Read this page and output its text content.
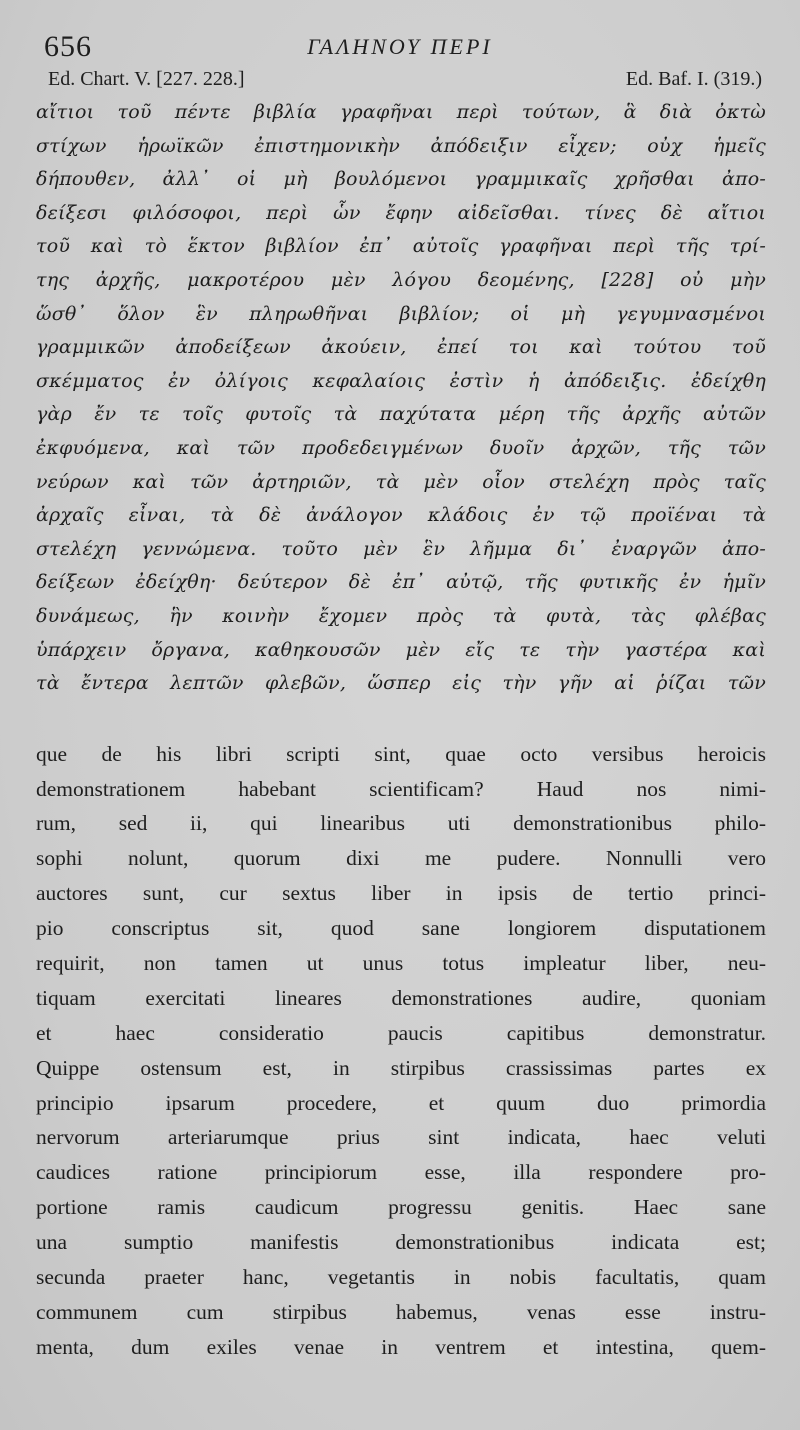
656	ΓΑΛΗΝΟΥ ΠΕΡΙ
Ed. Chart. V. [227. 228.]	Ed. Baf. I. (319.)
αἴτιοι τοῦ πέντε βιβλία γραφῆναι περὶ τούτων, ἃ διὰ ὀκτὼ
στίχων ἡρωϊκῶν ἐπιστημονικὴν ἀπόδειξιν εἶχεν; οὐχ ἡμεῖς
δήπουθεν, ἀλλ᾽ οἱ μὴ βουλόμενοι γραμμικαῖς χρῆσθαι ἀπο-
δείξεσι φιλόσοφοι, περὶ ὧν ἔφην αἰδεῖσθαι. τίνες δὲ αἴτιοι
τοῦ καὶ τὸ ἕκτον βιβλίον ἐπ᾽ αὐτοῖς γραφῆναι περὶ τῆς τρί-
της ἀρχῆς, μακροτέρου μὲν λόγου δεομένης, [228] οὐ μὴν
ὥσθ᾽ ὅλον ἓν πληρωθῆναι βιβλίον; οἱ μὴ γεγυμνασμένοι
γραμμικῶν ἀποδείξεων ἀκούειν, ἐπεί τοι καὶ τούτου τοῦ
σκέμματος ἐν ὀλίγοις κεφαλαίοις ἐστὶν ἡ ἀπόδειξις. ἐδείχθη
γὰρ ἔν τε τοῖς φυτοῖς τὰ παχύτατα μέρη τῆς ἀρχῆς αὐτῶν
ἐκφυόμενα, καὶ τῶν προδεδειγμένων δυοῖν ἀρχῶν, τῆς τῶν
νεύρων καὶ τῶν ἀρτηριῶν, τὰ μὲν οἷον στελέχη πρὸς ταῖς
ἀρχαῖς εἶναι, τὰ δὲ ἀνάλογον κλάδοις ἐν τῷ προϊέναι τὰ
στελέχη γεννώμενα. τοῦτο μὲν ἓν λῆμμα δι᾽ ἐναργῶν ἀπο-
δείξεων ἐδείχθη· δεύτερον δὲ ἐπ᾽ αὐτῷ, τῆς φυτικῆς ἐν ἡμῖν
δυνάμεως, ἣν κοινὴν ἔχομεν πρὸς τὰ φυτὰ, τὰς φλέβας
ὑπάρχειν ὄργανα, καθηκουσῶν μὲν εἴς τε τὴν γαστέρα καὶ
τὰ ἔντερα λεπτῶν φλεβῶν, ὥσπερ εἰς τὴν γῆν αἱ ῥίζαι τῶν
que de his libri scripti sint, quae octo versibus heroicis
demonstrationem habebant scientificam? Haud nos nimi-
rum, sed ii, qui linearibus uti demonstrationibus philo-
sophi nolunt, quorum dixi me pudere. Nonnulli vero
auctores sunt, cur sextus liber in ipsis de tertio princi-
pio conscriptus sit, quod sane longiorem disputationem
requirit, non tamen ut unus totus impleatur liber, neu-
tiquam exercitati lineares demonstrationes audire, quoniam
et haec consideratio paucis capitibus demonstratur.
Quippe ostensum est, in stirpibus crassissimas partes ex
principio ipsarum procedere, et quum duo primordia
nervorum arteriarumque prius sint indicata, haec veluti
caudices ratione principiorum esse, illa respondere pro-
portione ramis caudicum progressu genitis. Haec sane
una sumptio manifestis demonstrationibus indicata est;
secunda praeter hanc, vegetantis in nobis facultatis, quam
communem cum stirpibus habemus, venas esse instru-
menta, dum exiles venae in ventrem et intestina, quem-
